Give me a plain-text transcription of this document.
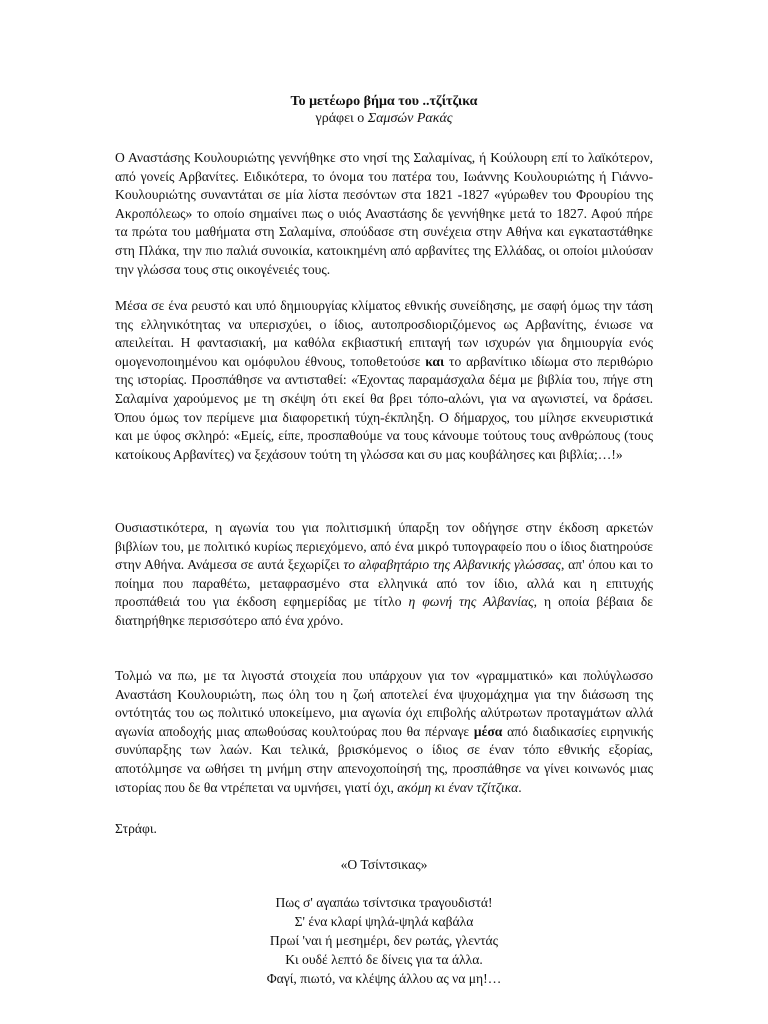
Το μετέωρο βήμα του ..τζίτζικα
γράφει ο Σαμσών Ρακάς

Ο Αναστάσης Κουλουριώτης γεννήθηκε στο νησί της Σαλαμίνας, ή Κούλουρη επί το λαϊκότερον, από γονείς Αρβανίτες. Ειδικότερα, το όνομα του πατέρα του, Ιωάννης Κουλουριώτης ή Γιάννο-Κουλουριώτης συναντάται σε μία λίστα πεσόντων στα 1821 -1827 «γύρωθεν του Φρουρίου της Ακροπόλεως» το οποίο σημαίνει πως ο υιός Αναστάσης δε γεννήθηκε μετά το 1827. Αφού πήρε τα πρώτα του μαθήματα στη Σαλαμίνα, σπούδασε στη συνέχεια στην Αθήνα και εγκαταστάθηκε στη Πλάκα, την πιο παλιά συνοικία, κατοικημένη από αρβανίτες της Ελλάδας, οι οποίοι μιλούσαν την γλώσσα τους στις οικογένειές τους.

Μέσα σε ένα ρευστό και υπό δημιουργίας κλίματος εθνικής συνείδησης, με σαφή όμως την τάση της ελληνικότητας να υπερισχύει, ο ίδιος, αυτοπροσδιοριζόμενος ως Αρβανίτης, ένιωσε να απειλείται. Η φαντασιακή, μα καθόλα εκβιαστική επιταγή των ισχυρών για δημιουργία ενός ομογενοποιημένου και ομόφυλου έθνους, τοποθετούσε και το αρβανίτικο ιδίωμα στο περιθώριο της ιστορίας. Προσπάθησε να αντισταθεί: «Έχοντας παραμάσχαλα δέμα με βιβλία του, πήγε στη Σαλαμίνα χαρούμενος με τη σκέψη ότι εκεί θα βρει τόπο-αλώνι, για να αγωνιστεί, να δράσει. Όπου όμως τον περίμενε μια διαφορετική τύχη-έκπληξη. Ο δήμαρχος, του μίλησε εκνευριστικά και με ύφος σκληρό: «Εμείς, είπε, προσπαθούμε να τους κάνουμε τούτους τους ανθρώπους (τους κατοίκους Αρβανίτες) να ξεχάσουν τούτη τη γλώσσα και συ μας κουβάλησες και βιβλία;…!»

Ουσιαστικότερα, η αγωνία του για πολιτισμική ύπαρξη τον οδήγησε στην έκδοση αρκετών βιβλίων του, με πολιτικό κυρίως περιεχόμενο, από ένα μικρό τυπογραφείο που ο ίδιος διατηρούσε στην Αθήνα. Ανάμεσα σε αυτά ξεχωρίζει το αλφαβητάριο της Αλβανικής γλώσσας, απ' όπου και το ποίημα που παραθέτω, μεταφρασμένο στα ελληνικά από τον ίδιο, αλλά και η επιτυχής προσπάθειά του για έκδοση εφημερίδας με τίτλο η φωνή της Αλβανίας, η οποία βέβαια δε διατηρήθηκε περισσότερο από ένα χρόνο.

Τολμώ να πω, με τα λιγοστά στοιχεία που υπάρχουν για τον «γραμματικό» και πολύγλωσσο Αναστάση Κουλουριώτη, πως όλη του η ζωή αποτελεί ένα ψυχομάχημα για την διάσωση της οντότητάς του ως πολιτικό υποκείμενο, μια αγωνία όχι επιβολής αλύτρωτων προταγμάτων αλλά αγωνία αποδοχής μιας απωθούσας κουλτούρας που θα πέρναγε μέσα από διαδικασίες ειρηνικής συνύπαρξης των λαών. Και τελικά, βρισκόμενος ο ίδιος σε έναν τόπο εθνικής εξορίας, αποτόλμησε να ωθήσει τη μνήμη στην απενοχοποίησή της, προσπάθησε να γίνει κοινωνός μιας ιστορίας που δε θα ντρέπεται να υμνήσει, γιατί όχι, ακόμη κι έναν τζίτζικα.

Στράφι.
«Ο Τσίντσικας»
Πως σ' αγαπάω τσίντσικα τραγουδιστά!
Σ' ένα κλαρί ψηλά-ψηλά καβάλα
Πρωί 'ναι ή μεσημέρι, δεν ρωτάς, γλεντάς
Κι ουδέ λεπτό δε δίνεις για τα άλλα.
Φαγί, πιωτό, να κλέψης άλλου ας να μη!…
